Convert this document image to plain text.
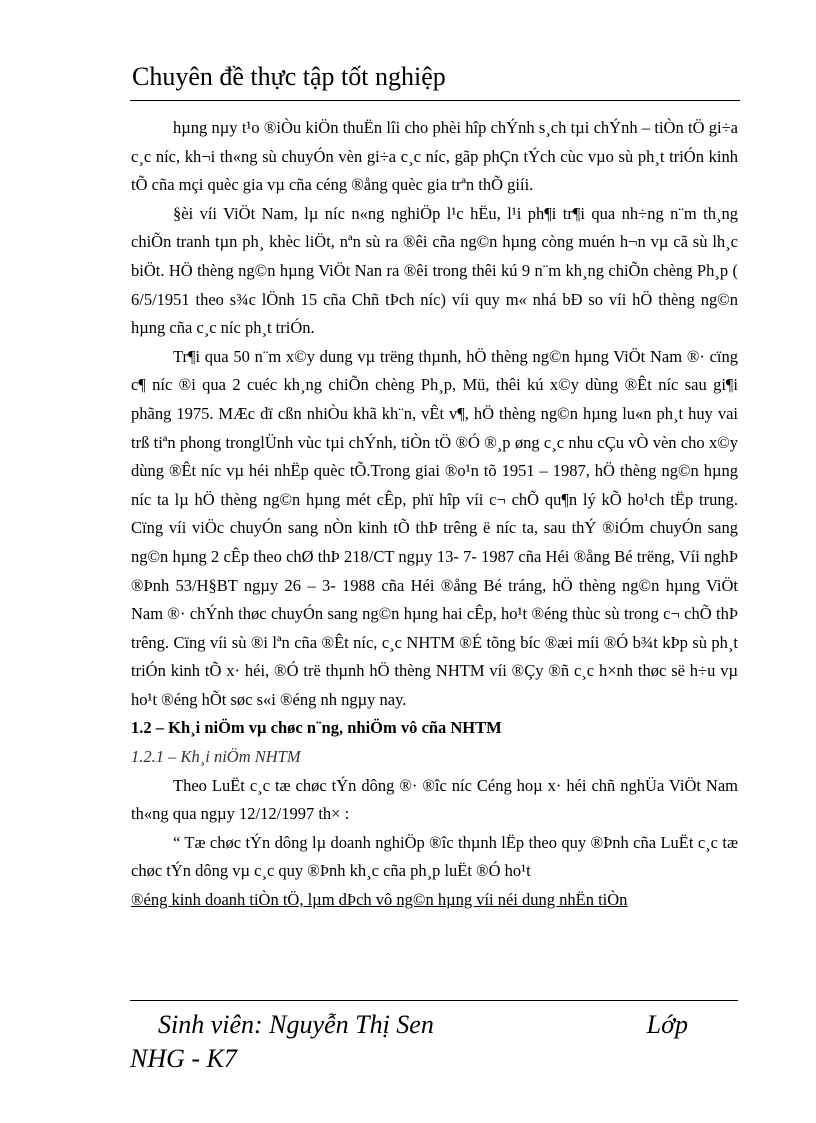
Chuyên đề thực tập tốt nghiệp

hµng nµy t¹o ®iÒu kiÖn thuËn lîi cho phèi hîp chÝnh s¸ch tµi chÝnh – tiÒn tÖ gi÷a c¸c níc, kh¬i th«ng sù chuyÓn vèn gi÷a c¸c níc, gãp phÇn tÝch cùc vµo sù ph¸t triÓn kinh tÕ cña mçi quèc gia vµ cña céng ®ång quèc gia trªn thÕ giíi.

§èi víi ViÖt Nam, lµ níc n«ng nghiÖp l¹c hËu, l¹i ph¶i tr¶i qua nh÷ng n¨m th¸ng chiÕn tranh tµn ph¸ khèc liÖt, nªn sù ra ®êi cña ng©n hµng còng muén h¬n vµ cã sù lh¸c biÖt. HÖ thèng ng©n hµng ViÖt Nan ra ®êi trong thêi kú 9 n¨m kh¸ng chiÕn chèng Ph¸p ( 6/5/1951 theo s¾c lÖnh 15 cña Chñ tÞch níc) víi quy m« nhá bÐ so víi hÖ thèng ng©n hµng cña c¸c níc ph¸t triÓn.

Tr¶i qua 50 n¨m x©y dung vµ trëng thµnh, hÖ thèng ng©n hµng ViÖt Nam ®· cïng c¶ níc ®i qua 2 cuéc kh¸ng chiÕn chèng Ph¸p, Mü, thêi kú x©y dùng ®Êt níc sau gi¶i phãng 1975. MÆc dï cßn nhiÒu khã kh¨n, vÊt v¶, hÖ thèng ng©n hµng lu«n ph¸t huy vai trß tiªn phong tronglÜnh vùc tµi chÝnh, tiÒn tÖ ®Ó ®¸p øng c¸c nhu cÇu vÒ vèn cho x©y dùng ®Êt níc vµ héi nhËp quèc tÕ.Trong giai ®o¹n tõ 1951 – 1987, hÖ thèng ng©n hµng níc ta lµ hÖ thèng ng©n hµng mét cÊp, phï hîp víi c¬ chÕ qu¶n lý kÕ ho¹ch tËp trung. Cïng víi viÖc chuyÓn sang nÒn kinh tÕ thÞ trêng ë níc ta, sau thÝ ®iÓm chuyÓn sang ng©n hµng 2 cÊp theo chØ thÞ 218/CT ngµy 13- 7- 1987 cña Héi ®ång Bé trëng, Víi nghÞ ®Þnh 53/H§BT ngµy 26 – 3- 1988 cña Héi ®ång Bé tráng, hÖ thèng ng©n hµng ViÖt Nam ®· chÝnh thøc chuyÓn sang ng©n hµng hai cÊp, ho¹t ®éng thùc sù trong c¬ chÕ thÞ trêng. Cïng víi sù ®i lªn cña ®Êt níc, c¸c NHTM ®É tõng bíc ®æi míi ®Ó b¾t kÞp sù ph¸t triÓn kinh tÕ x· héi, ®Ó trë thµnh hÖ thèng NHTM víi ®Çy ®ñ c¸c h×nh thøc së h÷u vµ ho¹t ®éng hÕt søc s«i ®éng nh ngµy nay.

1.2 – Kh¸i niÖm vµ chøc n¨ng, nhiÖm vô cña NHTM

1.2.1 – Kh¸i niÖm NHTM

Theo LuËt c¸c tæ chøc tÝn dông ®· ®îc níc Céng hoµ x· héi chñ nghÜa ViÖt Nam th«ng qua ngµy 12/12/1997 th× :

“ Tæ chøc tÝn dông lµ doanh nghiÖp ®îc thµnh lËp theo quy ®Þnh cña LuËt c¸c tæ chøc tÝn dông vµ c¸c quy ®Þnh kh¸c cña ph¸p luËt ®Ó ho¹t

®éng kinh doanh tiÒn tÖ, lµm dÞch vô ng©n hµng víi néi dung nhËn tiÒn

Sinh viên: Nguyễn Thị Sen	Lớp
NHG - K7
